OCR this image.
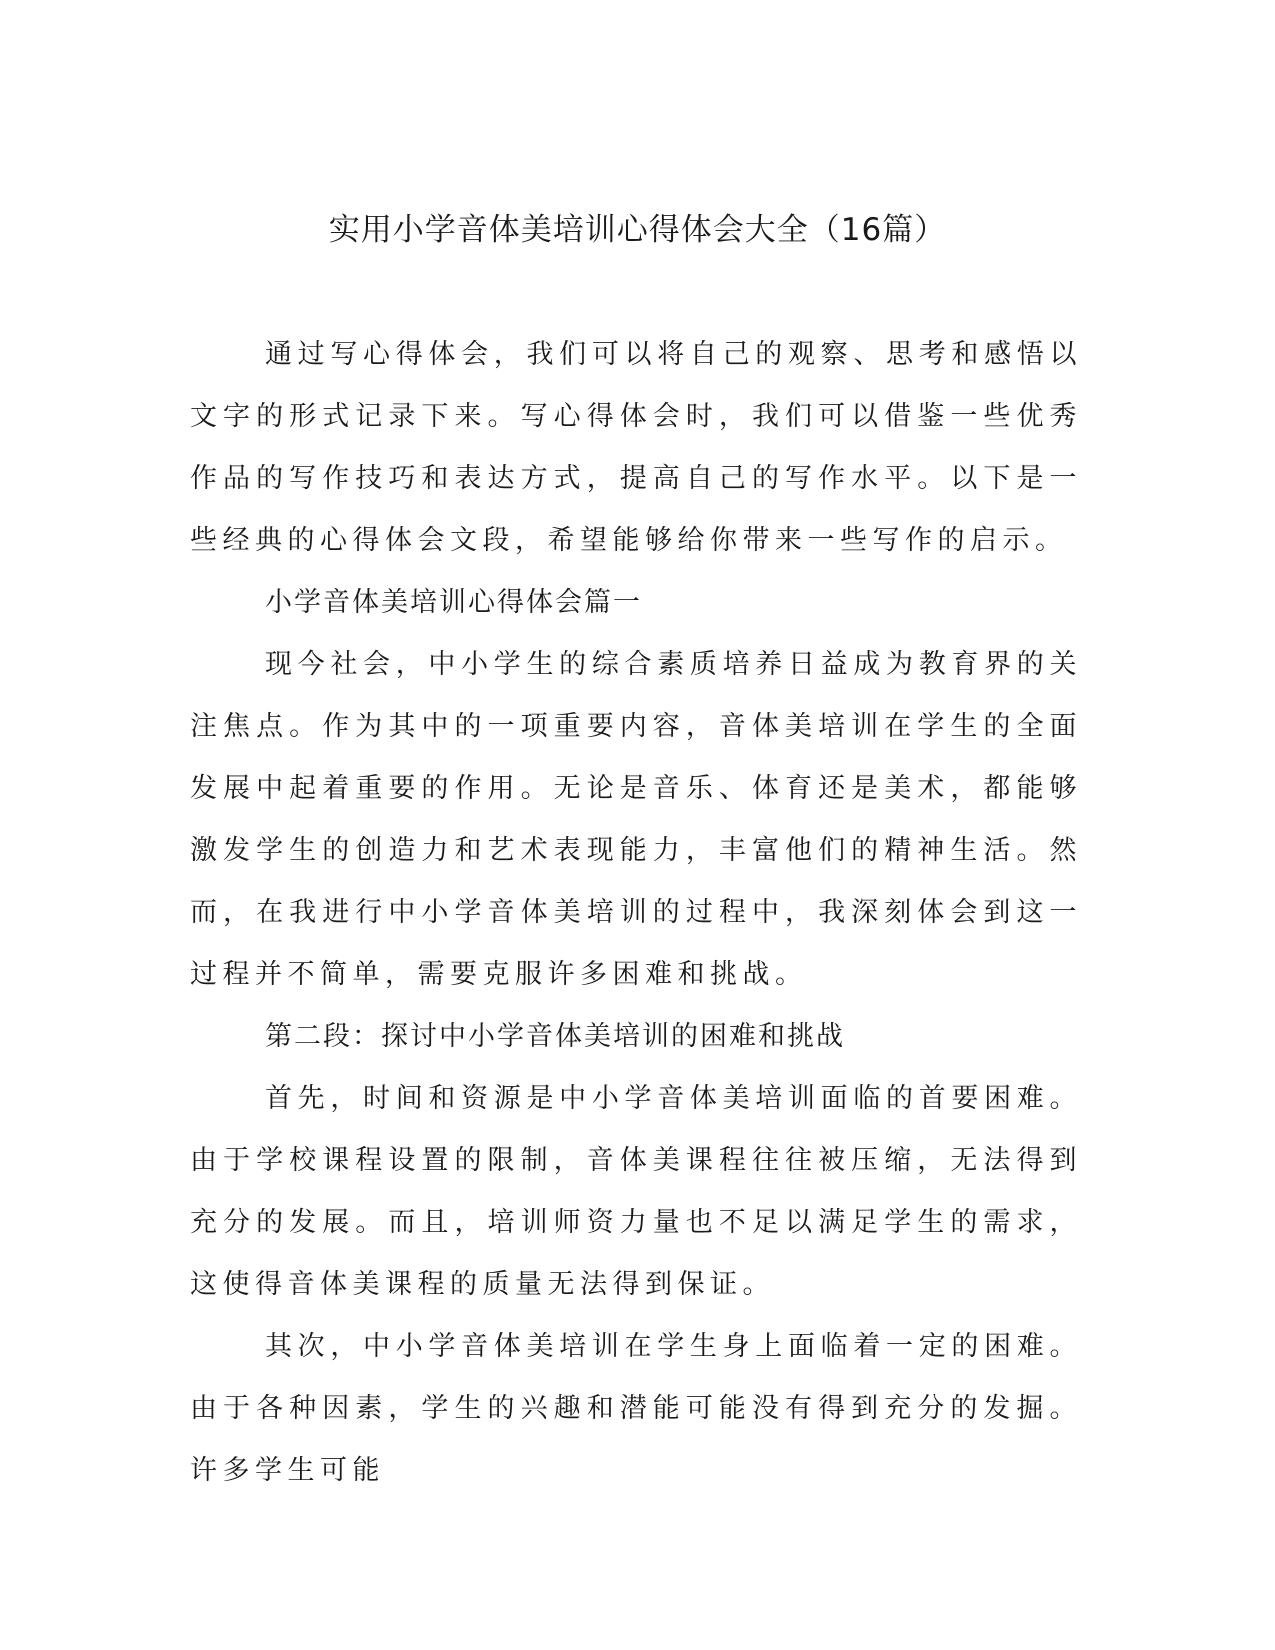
实用小学音体美培训心得体会大全（16篇）

通过写心得体会，我们可以将自己的观察、思考和感悟以文字的形式记录下来。写心得体会时，我们可以借鉴一些优秀作品的写作技巧和表达方式，提高自己的写作水平。以下是一些经典的心得体会文段，希望能够给你带来一些写作的启示。

小学音体美培训心得体会篇一

现今社会，中小学生的综合素质培养日益成为教育界的关注焦点。作为其中的一项重要内容，音体美培训在学生的全面发展中起着重要的作用。无论是音乐、体育还是美术，都能够激发学生的创造力和艺术表现能力，丰富他们的精神生活。然而，在我进行中小学音体美培训的过程中，我深刻体会到这一过程并不简单，需要克服许多困难和挑战。

第二段：探讨中小学音体美培训的困难和挑战

首先，时间和资源是中小学音体美培训面临的首要困难。由于学校课程设置的限制，音体美课程往往被压缩，无法得到充分的发展。而且，培训师资力量也不足以满足学生的需求，这使得音体美课程的质量无法得到保证。

其次，中小学音体美培训在学生身上面临着一定的困难。由于各种因素，学生的兴趣和潜能可能没有得到充分的发掘。许多学生可能
